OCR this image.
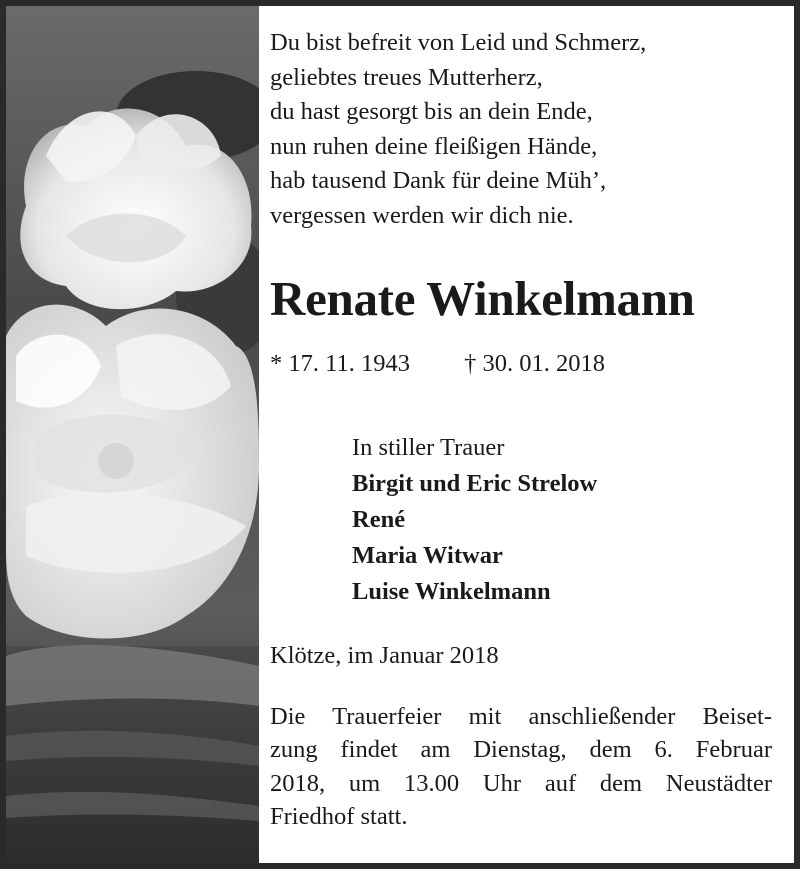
Du bist befreit von Leid und Schmerz,
geliebtes treues Mutterherz,
du hast gesorgt bis an dein Ende,
nun ruhen deine fleißigen Hände,
hab tausend Dank für deine Müh’,
vergessen werden wir dich nie.
Renate Winkelmann
* 17. 11. 1943 † 30. 01. 2018
In stiller Trauer
Birgit und Eric Strelow
René
Maria Witwar
Luise Winkelmann
Klötze, im Januar 2018
Die Trauerfeier mit anschließender Beiset-
zung findet am Dienstag, dem 6. Februar
2018, um 13.00 Uhr auf dem Neustädter
Friedhof statt.
